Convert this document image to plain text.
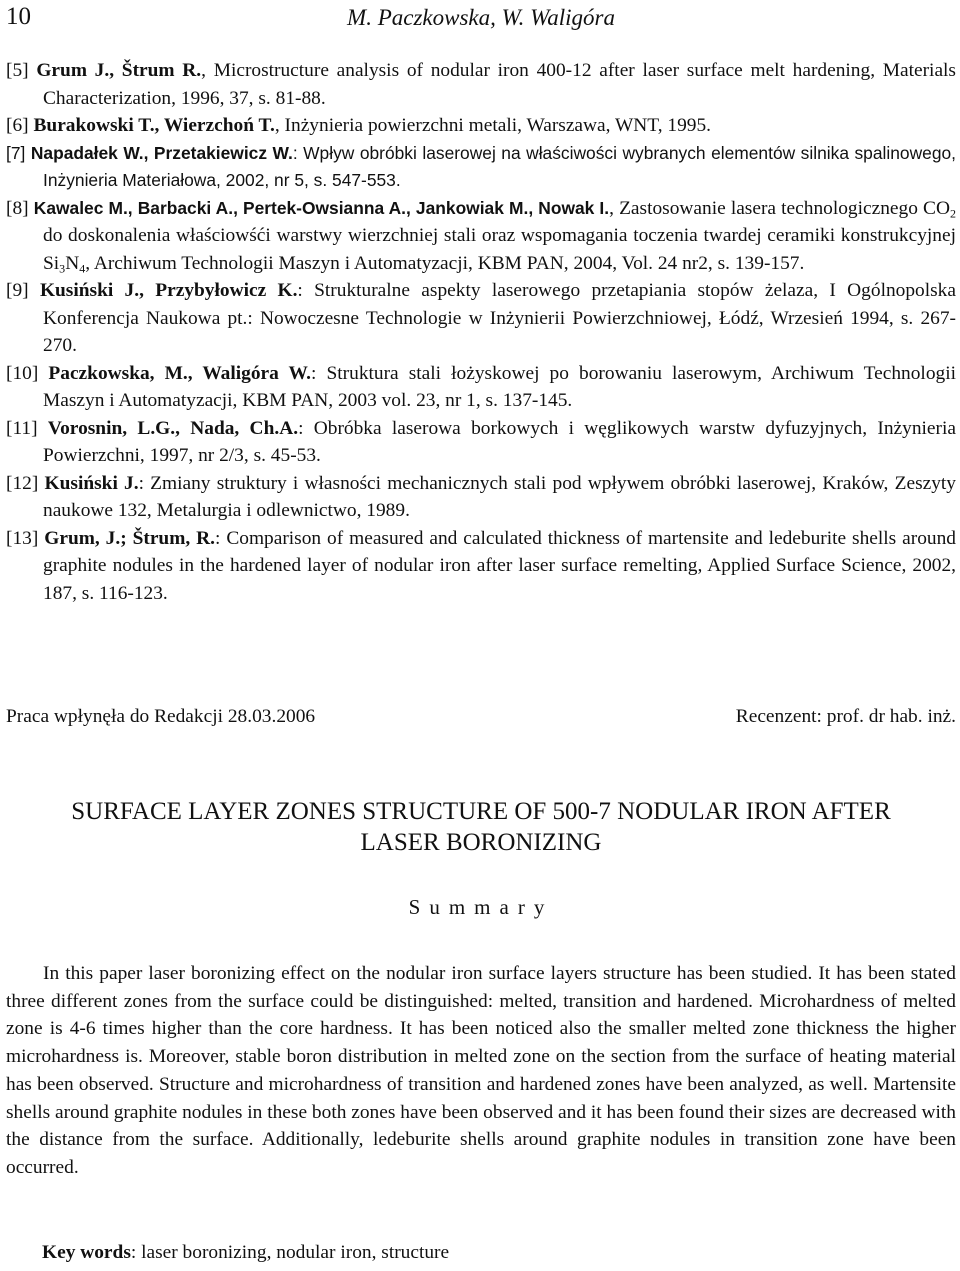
10	M. Paczkowska, W. Waligóra

[5] Grum J., Štrum R., Microstructure analysis of nodular iron 400-12 after laser surface melt hardening, Materials Characterization, 1996, 37, s. 81-88.

[6] Burakowski T., Wierzchoń T., Inżynieria powierzchni metali, Warszawa, WNT, 1995.

[7] Napadałek W., Przetakiewicz W.: Wpływ obróbki laserowej na właściwości wybranych elementów silnika spalinowego, Inżynieria Materiałowa, 2002, nr 5, s. 547-553.

[8] Kawalec M., Barbacki A., Pertek-Owsianna A., Jankowiak M., Nowak I., Zastosowanie lasera technologicznego $CO_2$ do doskonalenia właściowśći warstwy wierzchniej stali oraz wspomagania toczenia twardej ceramiki konstrukcyjnej $Si_3N_4$, Archiwum Technologii Maszyn i Automatyzacji, KBM PAN, 2004, Vol. 24 nr2, s. 139-157.

[9] Kusiński J., Przybyłowicz K.: Strukturalne aspekty laserowego przetapiania stopów żelaza, I Ogólnopolska Konferencja Naukowa pt.: Nowoczesne Technologie w Inżynierii Powierzchniowej, Łódź, Wrzesień 1994, s. 267-270.

[10] Paczkowska, M., Waligóra W.: Struktura stali łożyskowej po borowaniu laserowym, Archiwum Technologii Maszyn i Automatyzacji, KBM PAN, 2003 vol. 23, nr 1, s. 137-145.

[11] Vorosnin, L.G., Nada, Ch.A.: Obróbka laserowa borkowych i węglikowych warstw dyfuzyjnych, Inżynieria Powierzchni, 1997, nr 2/3, s. 45-53.

[12] Kusiński J.: Zmiany struktury i własności mechanicznych stali pod wpływem obróbki laserowej, Kraków, Zeszyty naukowe 132, Metalurgia i odlewnictwo, 1989.

[13] Grum, J.; Štrum, R.: Comparison of measured and calculated thickness of martensite and ledeburite shells around graphite nodules in the hardened layer of nodular iron after laser surface remelting, Applied Surface Science, 2002, 187, s. 116-123.

Praca wpłynęła do Redakcji 28.03.2006	Recenzent: prof. dr hab. inż.
SURFACE LAYER ZONES STRUCTURE OF 500-7 NODULAR IRON AFTER
LASER BORONIZING
Summary

In this paper laser boronizing effect on the nodular iron surface layers structure has been studied. It has been stated three different zones from the surface could be distinguished: melted, transition and hardened. Microhardness of melted zone is 4-6 times higher than the core hardness. It has been noticed also the smaller melted zone thickness the higher microhardness is. Moreover, stable boron distribution in melted zone on the section from the surface of heating material has been observed. Structure and microhardness of transition and hardened zones have been analyzed, as well. Martensite shells around graphite nodules in these both zones have been observed and it has been found their sizes are decreased with the distance from the surface. Additionally, ledeburite shells around graphite nodules in transition zone have been occurred.

Key words: laser boronizing, nodular iron, structure
